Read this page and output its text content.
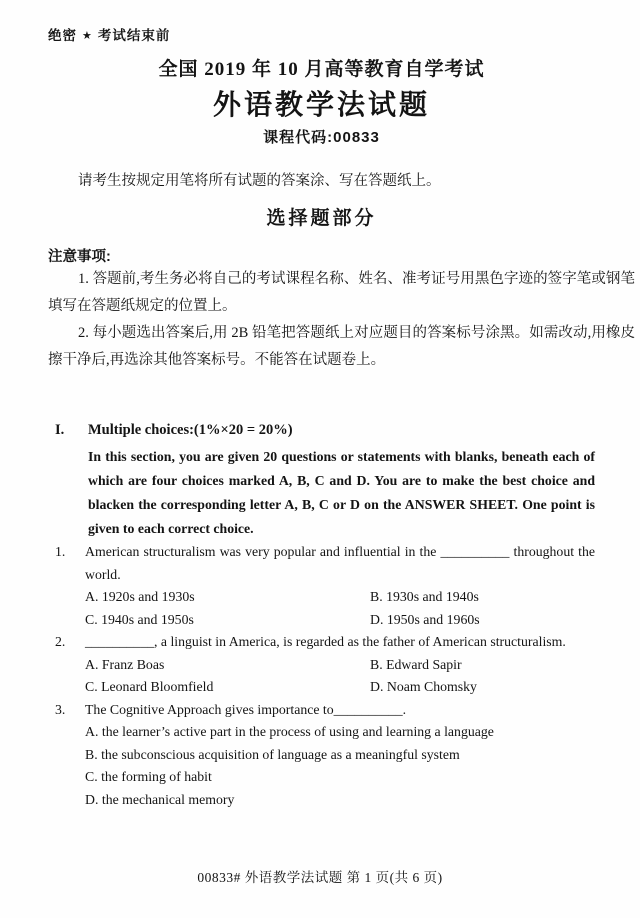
绝密 ★ 考试结束前
全国 2019 年 10 月高等教育自学考试
外语教学法试题
课程代码:00833

请考生按规定用笔将所有试题的答案涂、写在答题纸上。

选择题部分
注意事项:

1. 答题前,考生务必将自己的考试课程名称、姓名、准考证号用黑色字迹的签字笔或钢笔填写在答题纸规定的位置上。

2. 每小题选出答案后,用 2B 铅笔把答题纸上对应题目的答案标号涂黑。如需改动,用橡皮擦干净后,再选涂其他答案标号。不能答在试题卷上。

I.	Multiple choices:(1%×20 = 20%)

In this section, you are given 20 questions or statements with blanks, beneath each of which are four choices marked A, B, C and D. You are to make the best choice and blacken the corresponding letter A, B, C or D on the ANSWER SHEET. One point is given to each correct choice.

1.	American structuralism was very popular and influential in the __________ throughout the world.

A. 1920s and 1930s	B. 1930s and 1940s
C. 1940s and 1950s	D. 1950s and 1960s
2.	__________, a linguist in America, is regarded as the father of American structuralism.

A. Franz Boas	B. Edward Sapir
C. Leonard Bloomfield	D. Noam Chomsky
3.	The Cognitive Approach gives importance to__________.

A. the learner’s active part in the process of using and learning a language
B. the subconscious acquisition of language as a meaningful system
C. the forming of habit
D. the mechanical memory
00833# 外语教学法试题 第 1 页(共 6 页)
